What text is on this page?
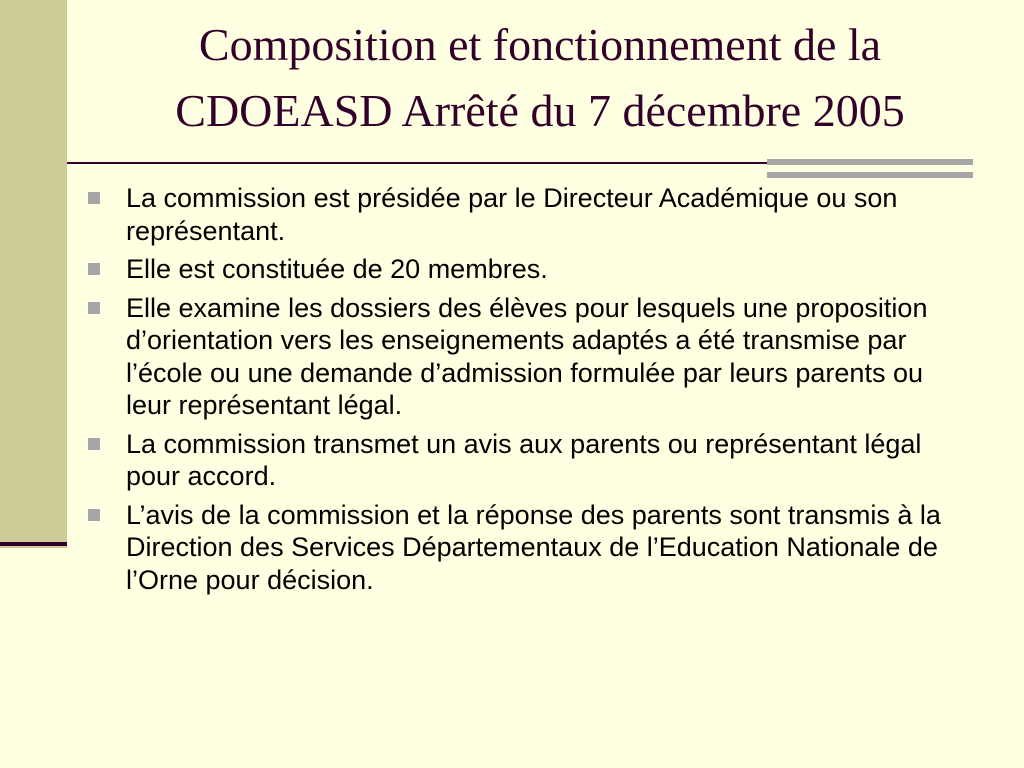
Composition et fonctionnement de la CDOEASD Arrêté du 7 décembre 2005
La commission est présidée par le Directeur Académique ou son représentant.
Elle est constituée de 20 membres.
Elle examine les dossiers des élèves pour lesquels une proposition d’orientation vers les enseignements adaptés a été transmise par l’école ou une demande d’admission formulée par leurs parents ou leur représentant légal.
La commission transmet un avis aux parents ou représentant légal pour accord.
L’avis de la commission et la réponse des parents sont transmis à la Direction des Services Départementaux de l’Education Nationale de l’Orne pour décision.
